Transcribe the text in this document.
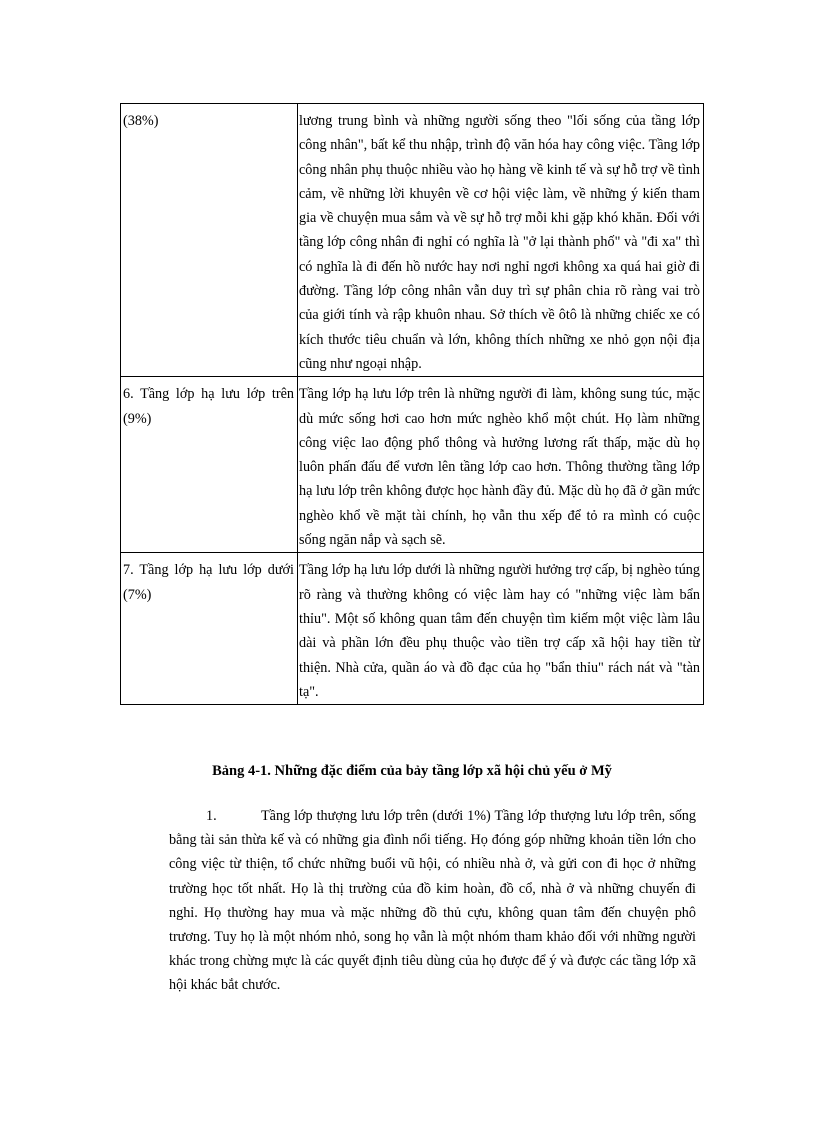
(38%)	lương trung bình và những người sống theo "lối sống của tầng lớp công nhân", bất kể thu nhập, trình độ văn hóa hay công việc. Tầng lớp công nhân phụ thuộc nhiều vào họ hàng về kinh tế và sự hỗ trợ về tình cảm, về những lời khuyên về cơ hội việc làm, về những ý kiến tham gia về chuyện mua sắm và về sự hỗ trợ mỗi khi gặp khó khăn. Đối với tầng lớp công nhân đi nghỉ có nghĩa là "ở lại thành phố" và "đi xa" thì có nghĩa là đi đến hồ nước hay nơi nghỉ ngơi không xa quá hai giờ đi đường. Tầng lớp công nhân vẫn duy trì sự phân chia rõ ràng vai trò của giới tính và rập khuôn nhau. Sở thích về ôtô là những chiếc xe có kích thước tiêu chuẩn và lớn, không thích những xe nhỏ gọn nội địa cũng như ngoại nhập.
6. Tầng lớp hạ lưu lớp trên (9%)	Tầng lớp hạ lưu lớp trên là những người đi làm, không sung túc, mặc dù mức sống hơi cao hơn mức nghèo khổ một chút. Họ làm những công việc lao động phổ thông và hưởng lương rất thấp, mặc dù họ luôn phấn đấu để vươn lên tầng lớp cao hơn. Thông thường tầng lớp hạ lưu lớp trên không được học hành đầy đủ. Mặc dù họ đã ở gần mức nghèo khổ về mặt tài chính, họ vẫn thu xếp để tỏ ra mình có cuộc sống ngăn nắp và sạch sẽ.
7. Tầng lớp hạ lưu lớp dưới (7%)	Tầng lớp hạ lưu lớp dưới là những người hưởng trợ cấp, bị nghèo túng rõ ràng và thường không có việc làm hay có "những việc làm bẩn thỉu". Một số không quan tâm đến chuyện tìm kiếm một việc làm lâu dài và phần lớn đều phụ thuộc vào tiền trợ cấp xã hội hay tiền từ thiện. Nhà cửa, quần áo và đồ đạc của họ "bẩn thỉu" rách nát và "tàn tạ".

Bảng 4-1. Những đặc điểm của bảy tầng lớp xã hội chủ yếu ở Mỹ

1.	Tầng lớp thượng lưu lớp trên (dưới 1%) Tầng lớp thượng lưu lớp trên, sống bằng tài sản thừa kế và có những gia đình nổi tiếng. Họ đóng góp những khoản tiền lớn cho công việc từ thiện, tổ chức những buổi vũ hội, có nhiều nhà ở, và gửi con đi học ở những trường học tốt nhất. Họ là thị trường của đồ kim hoàn, đồ cổ, nhà ở và những chuyến đi nghỉ. Họ thường hay mua và mặc những đồ thủ cựu, không quan tâm đến chuyện phô trương. Tuy họ là một nhóm nhỏ, song họ vẫn là một nhóm tham khảo đối với những người khác trong chừng mực là các quyết định tiêu dùng của họ được để ý và được các tầng lớp xã hội khác bắt chước.
